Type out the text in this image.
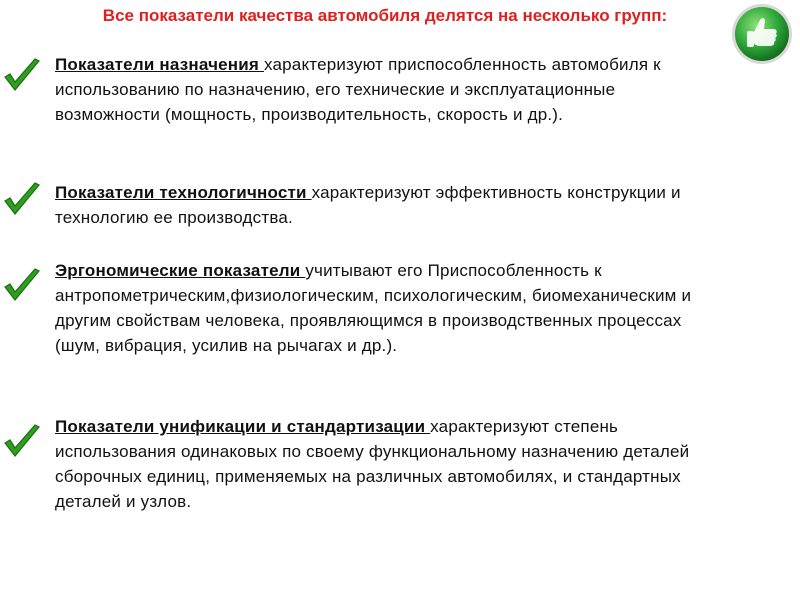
Все показатели качества автомобиля делятся на несколько групп:
Показатели назначения характеризуют приспособленность автомобиля к использованию по назначению, его технические и эксплуатационные возможности (мощность, производительность, скорость и др.).
Показатели технологичности характеризуют эффективность конструкции и технологию ее производства.
Эргономические показатели учитывают его Приспособленность к антропометрическим,физиологическим, психологическим, биомеханическим и другим свойствам человека, проявляющимся в производственных процессах (шум, вибрация, усилив на рычагах и др.).
Показатели унификации и стандартизации характеризуют степень использования одинаковых по своему функциональному назначению деталей сборочных единиц, применяемых на различных автомобилях, и стандартных деталей и узлов.
